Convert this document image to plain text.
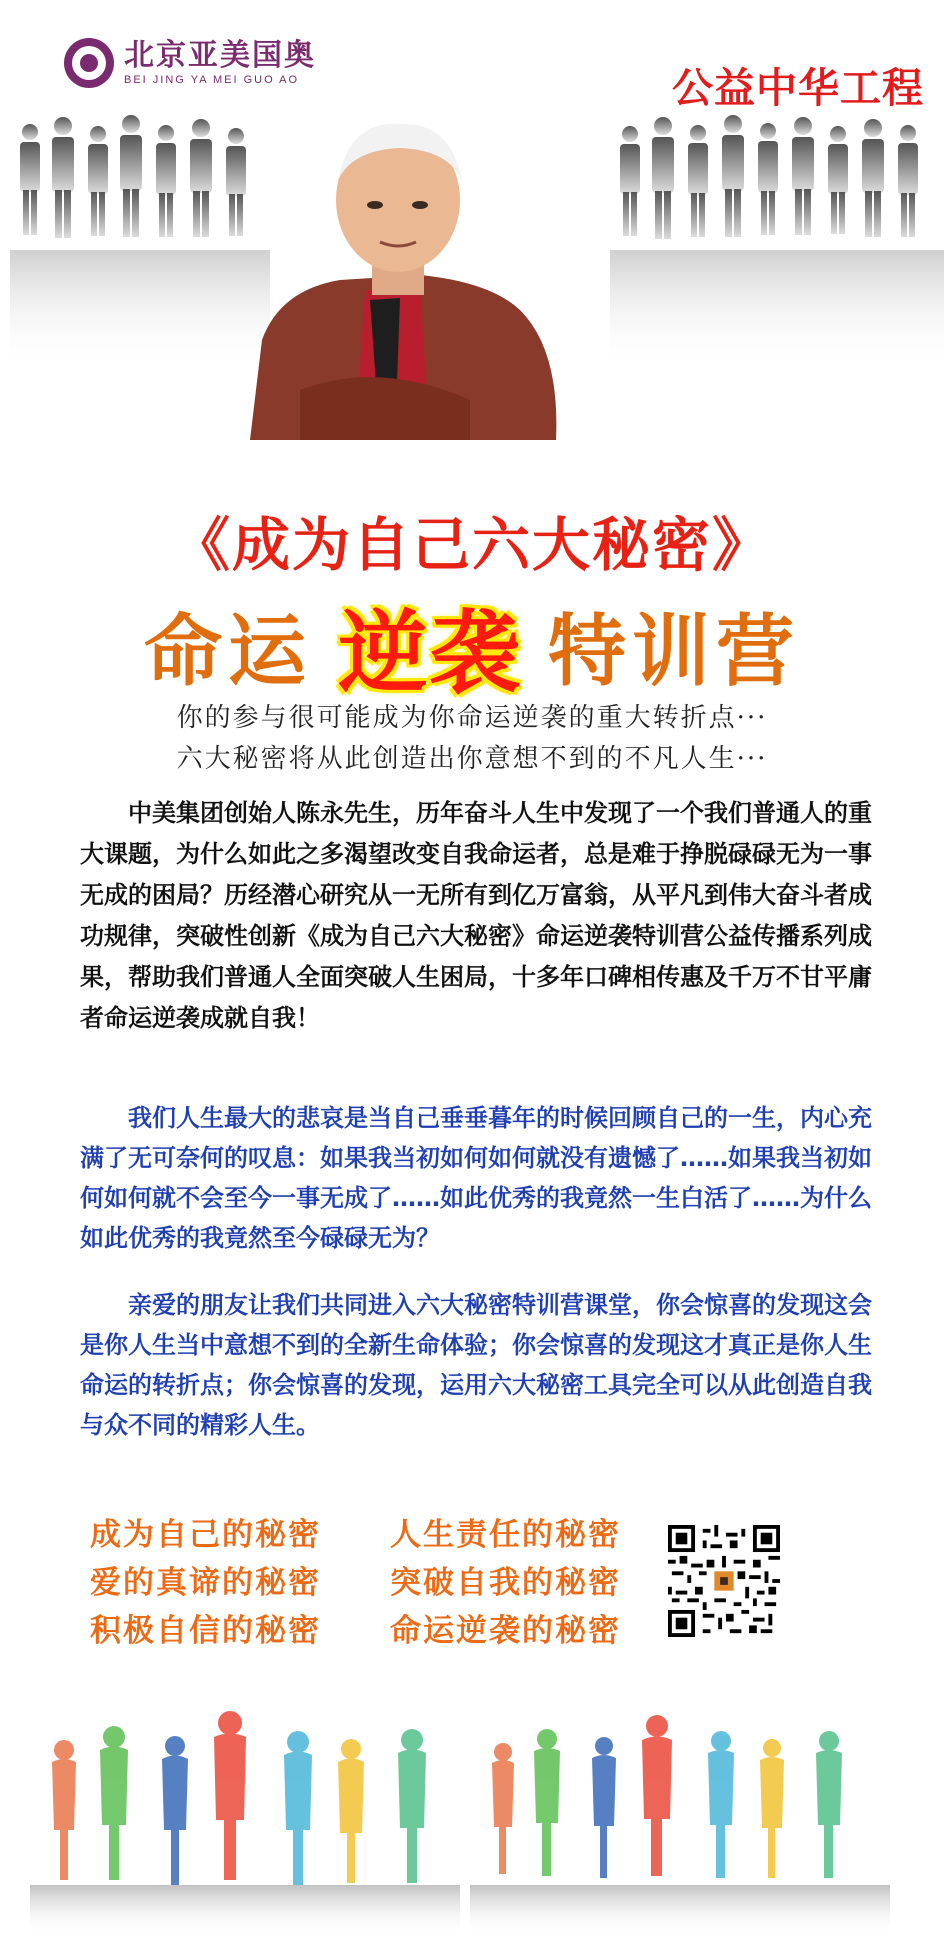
北京亚美国奥
BEI JING YA MEI GUO AO	公益中华工程
《成为自己六大秘密》
命运 逆袭 特训营
你的参与很可能成为你命运逆袭的重大转折点···
六大秘密将从此创造出你意想不到的不凡人生···
中美集团创始人陈永先生，历年奋斗人生中发现了一个我们普通人的重大课题，为什么如此之多渴望改变自我命运者，总是难于挣脱碌碌无为一事无成的困局？历经潜心研究从一无所有到亿万富翁，从平凡到伟大奋斗者成功规律，突破性创新《成为自己六大秘密》命运逆袭特训营公益传播系列成果，帮助我们普通人全面突破人生困局，十多年口碑相传惠及千万不甘平庸者命运逆袭成就自我！
我们人生最大的悲哀是当自己垂垂暮年的时候回顾自己的一生，内心充满了无可奈何的叹息：如果我当初如何如何就没有遗憾了……如果我当初如何如何就不会至今一事无成了……如此优秀的我竟然一生白活了……为什么如此优秀的我竟然至今碌碌无为？
亲爱的朋友让我们共同进入六大秘密特训营课堂，你会惊喜的发现这会是你人生当中意想不到的全新生命体验；你会惊喜的发现这才真正是你人生命运的转折点；你会惊喜的发现，运用六大秘密工具完全可以从此创造自我与众不同的精彩人生。
成为自己的秘密	人生责任的秘密
爱的真谛的秘密	突破自我的秘密
积极自信的秘密	命运逆袭的秘密
